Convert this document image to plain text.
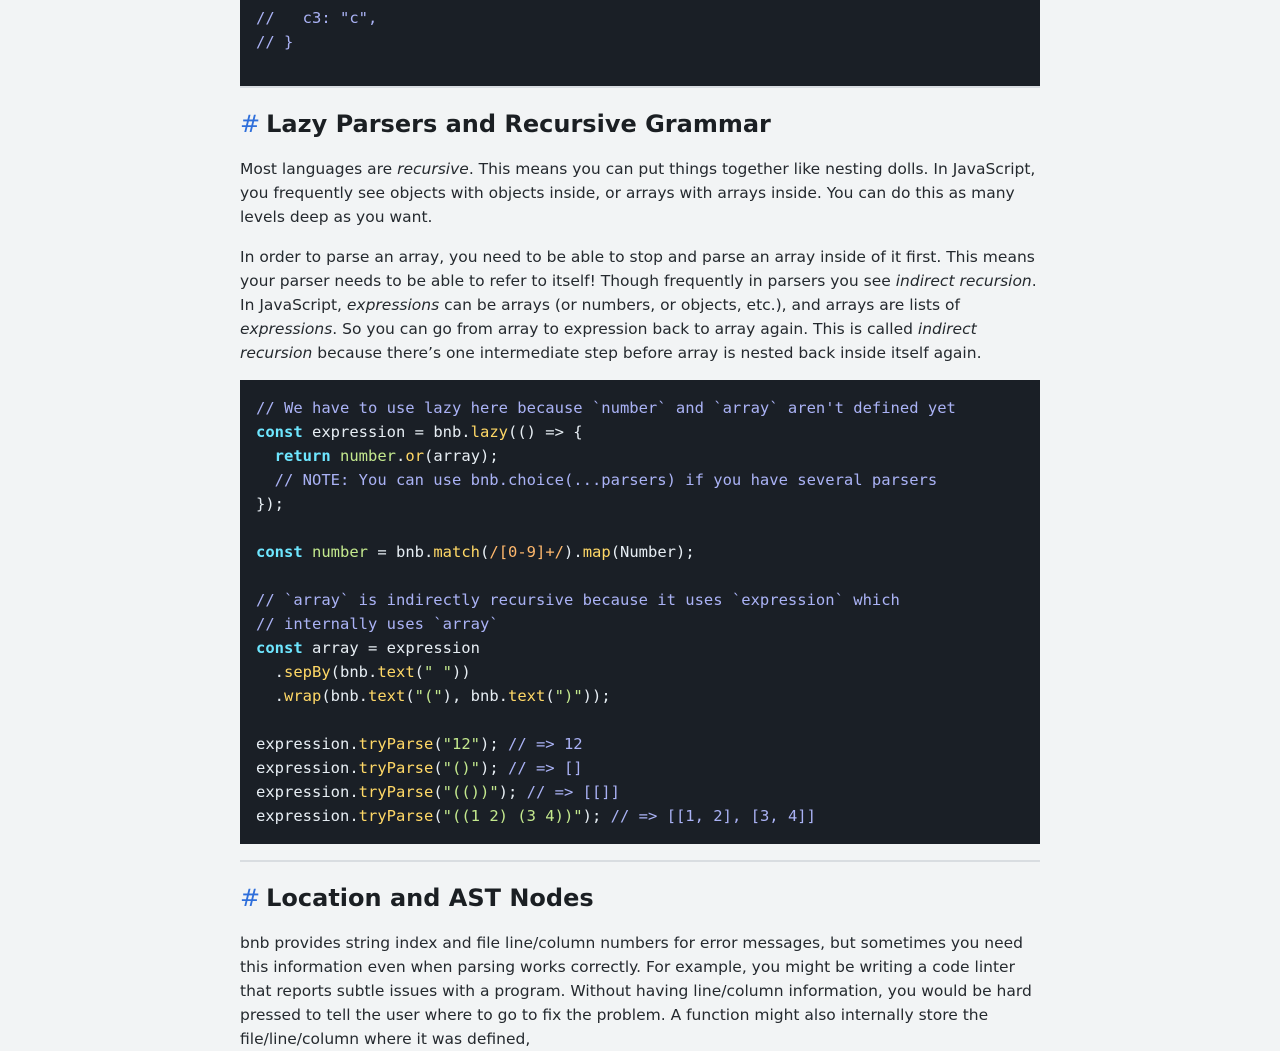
//   c3: "c",
// }
# Lazy Parsers and Recursive Grammar

Most languages are recursive. This means you can put things together like nesting dolls. In JavaScript, you frequently see objects with objects inside, or arrays with arrays inside. You can do this as many levels deep as you want.

In order to parse an array, you need to be able to stop and parse an array inside of it first. This means your parser needs to be able to refer to itself! Though frequently in parsers you see indirect recursion. In JavaScript, expressions can be arrays (or numbers, or objects, etc.), and arrays are lists of expressions. So you can go from array to expression back to array again. This is called indirect recursion because there’s one intermediate step before array is nested back inside itself again.

// We have to use lazy here because `number` and `array` aren't defined yet
const expression = bnb.lazy(() => {
return number.or(array);
// NOTE: You can use bnb.choice(...parsers) if you have several parsers
});

const number = bnb.match(/[0-9]+/).map(Number);

// `array` is indirectly recursive because it uses `expression` which
// internally uses `array`
const array = expression
.sepBy(bnb.text(" "))
.wrap(bnb.text("("), bnb.text(")"));

expression.tryParse("12"); // => 12
expression.tryParse("()"); // => []
expression.tryParse("(())"); // => [[]]
expression.tryParse("((1 2) (3 4))"); // => [[1, 2], [3, 4]]
# Location and AST Nodes

bnb provides string index and file line/column numbers for error messages, but sometimes you need this information even when parsing works correctly. For example, you might be writing a code linter that reports subtle issues with a program. Without having line/column information, you would be hard pressed to tell the user where to go to fix the problem. A function might also internally store the file/line/column where it was defined,
